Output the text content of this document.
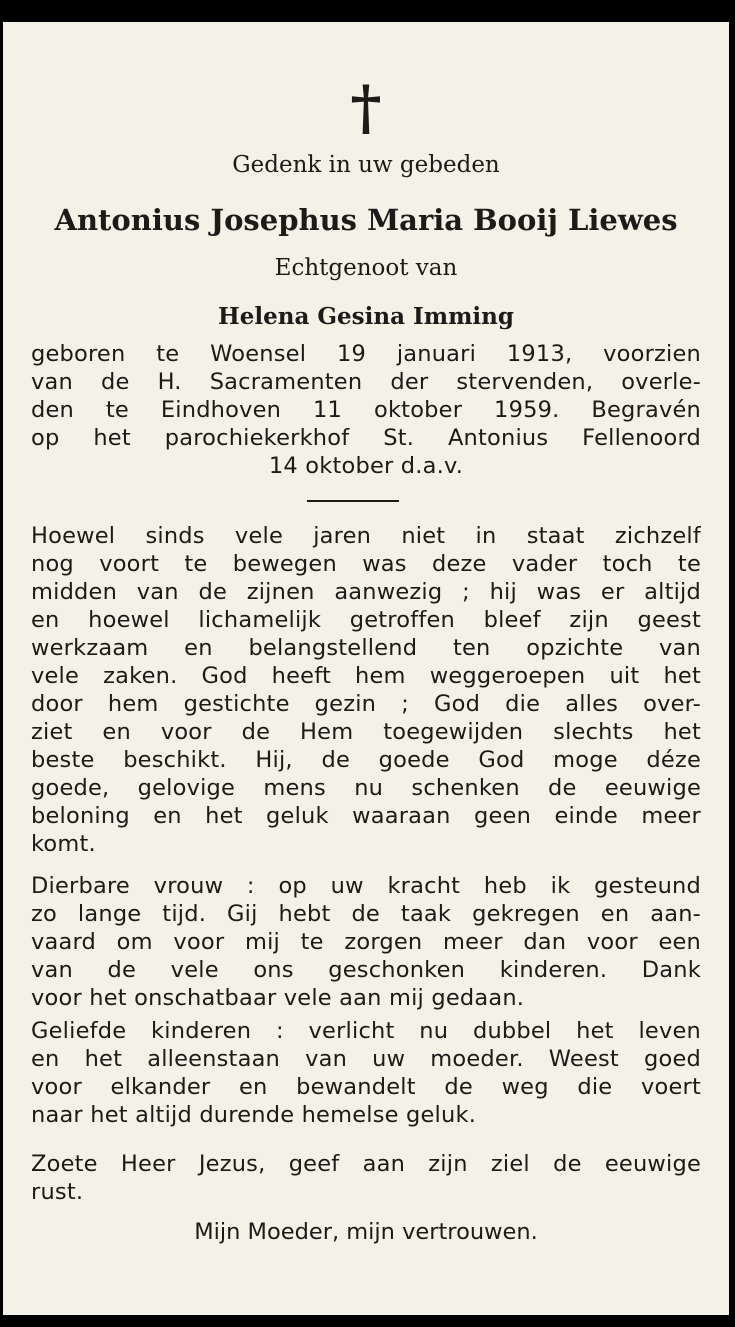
†
Gedenk in uw gebeden
Antonius Josephus Maria Booij Liewes
Echtgenoot van
Helena Gesina Imming
geboren te Woensel 19 januari 1913, voorzien
van de H. Sacramenten der stervenden, overle-
den te Eindhoven 11 oktober 1959. Begravén
op het parochiekerkhof St. Antonius Fellenoord
14 oktober d.a.v.
Hoewel sinds vele jaren niet in staat zichzelf
nog voort te bewegen was deze vader toch te
midden van de zijnen aanwezig ; hij was er altijd
en hoewel lichamelijk getroffen bleef zijn geest
werkzaam en belangstellend ten opzichte van
vele zaken. God heeft hem weggeroepen uit het
door hem gestichte gezin ; God die alles over-
ziet en voor de Hem toegewijden slechts het
beste beschikt. Hij, de goede God moge déze
goede, gelovige mens nu schenken de eeuwige
beloning en het geluk waaraan geen einde meer
komt.
Dierbare vrouw : op uw kracht heb ik gesteund
zo lange tijd. Gij hebt de taak gekregen en aan-
vaard om voor mij te zorgen meer dan voor een
van de vele ons geschonken kinderen. Dank
voor het onschatbaar vele aan mij gedaan.
Geliefde kinderen : verlicht nu dubbel het leven
en het alleenstaan van uw moeder. Weest goed
voor elkander en bewandelt de weg die voert
naar het altijd durende hemelse geluk.
Zoete Heer Jezus, geef aan zijn ziel de eeuwige
rust.
Mijn Moeder, mijn vertrouwen.
